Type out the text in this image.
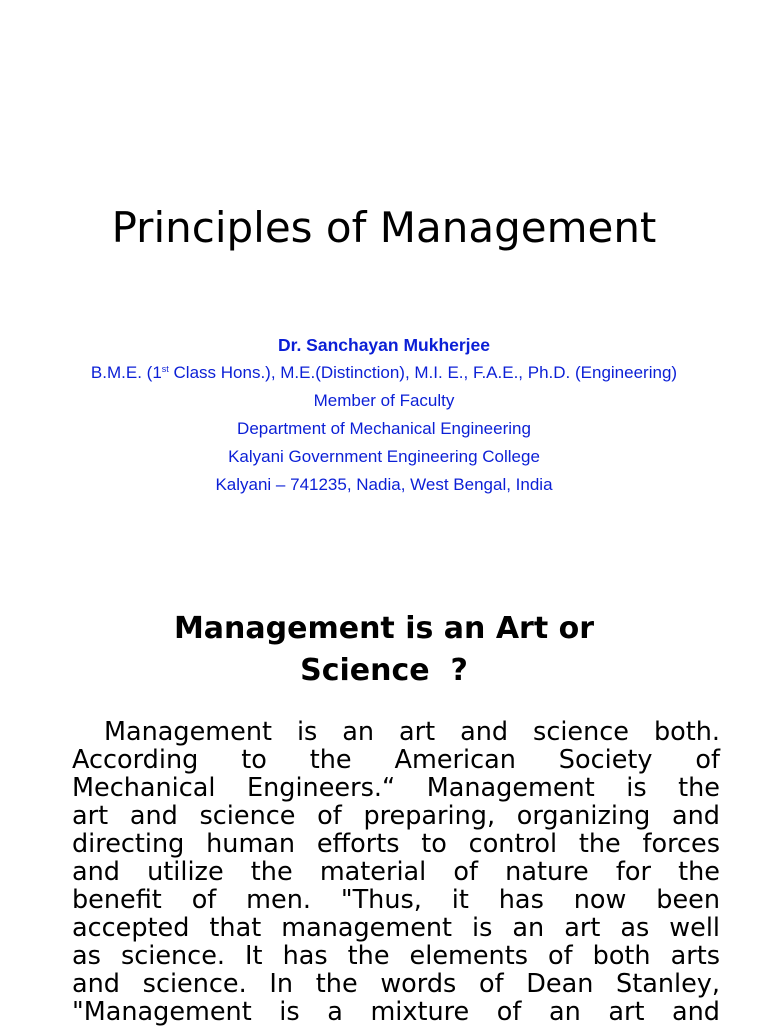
Principles of Management
Dr. Sanchayan Mukherjee
B.M.E. (1st Class Hons.), M.E.(Distinction), M.I. E., F.A.E., Ph.D. (Engineering)
Member of Faculty
Department of Mechanical Engineering
Kalyani Government Engineering College
Kalyani – 741235, Nadia, West Bengal, India
Management is an Art or
Science  ?
Management is an art and science both.
According to the American Society of
Mechanical Engineers.“ Management is the
art and science of preparing, organizing and
directing human efforts to control the forces
and utilize the material of nature for the
benefit of men. "Thus, it has now been
accepted that management is an art as well
as science. It has the elements of both arts
and science. In the words of Dean Stanley,
"Management is a mixture of an art and
